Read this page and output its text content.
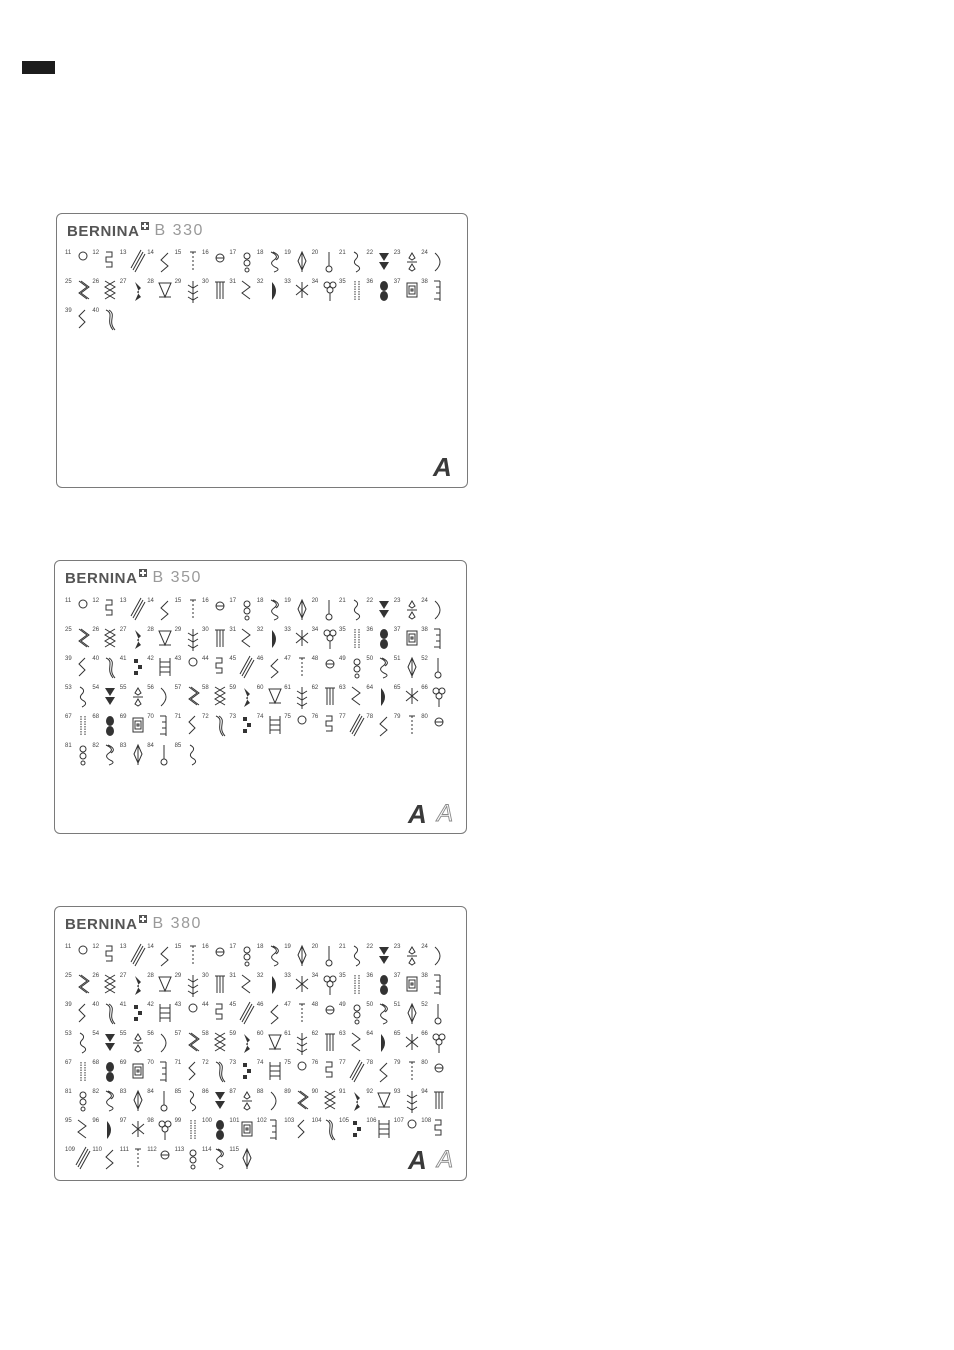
BERNINA B 330
11	12	13	14	15	16	17	18	19	20	21	22	23	24
25	26	27	28	29	30	31	32	33	34	35	36	37	38
39	40
A
BERNINA B 350
11	12	13	14	15	16	17	18	19	20	21	22	23	24
25	26	27	28	29	30	31	32	33	34	35	36	37	38
39	40	41	42	43	44	45	46	47	48	49	50	51	52
53	54	55	56	57	58	59	60	61	62	63	64	65	66
67	68	69	70	71	72	73	74	75	76	77	78	79	80
81	82	83	84	85
A A
BERNINA B 380
11	12	13	14	15	16	17	18	19	20	21	22	23	24
25	26	27	28	29	30	31	32	33	34	35	36	37	38
39	40	41	42	43	44	45	46	47	48	49	50	51	52
53	54	55	56	57	58	59	60	61	62	63	64	65	66
67	68	69	70	71	72	73	74	75	76	77	78	79	80
81	82	83	84	85	86	87	88	89	90	91	92	93	94
95	96	97	98	99	100	101	102	103	104	105	106	107	108
109	110	111	112	113	114	115	A A
